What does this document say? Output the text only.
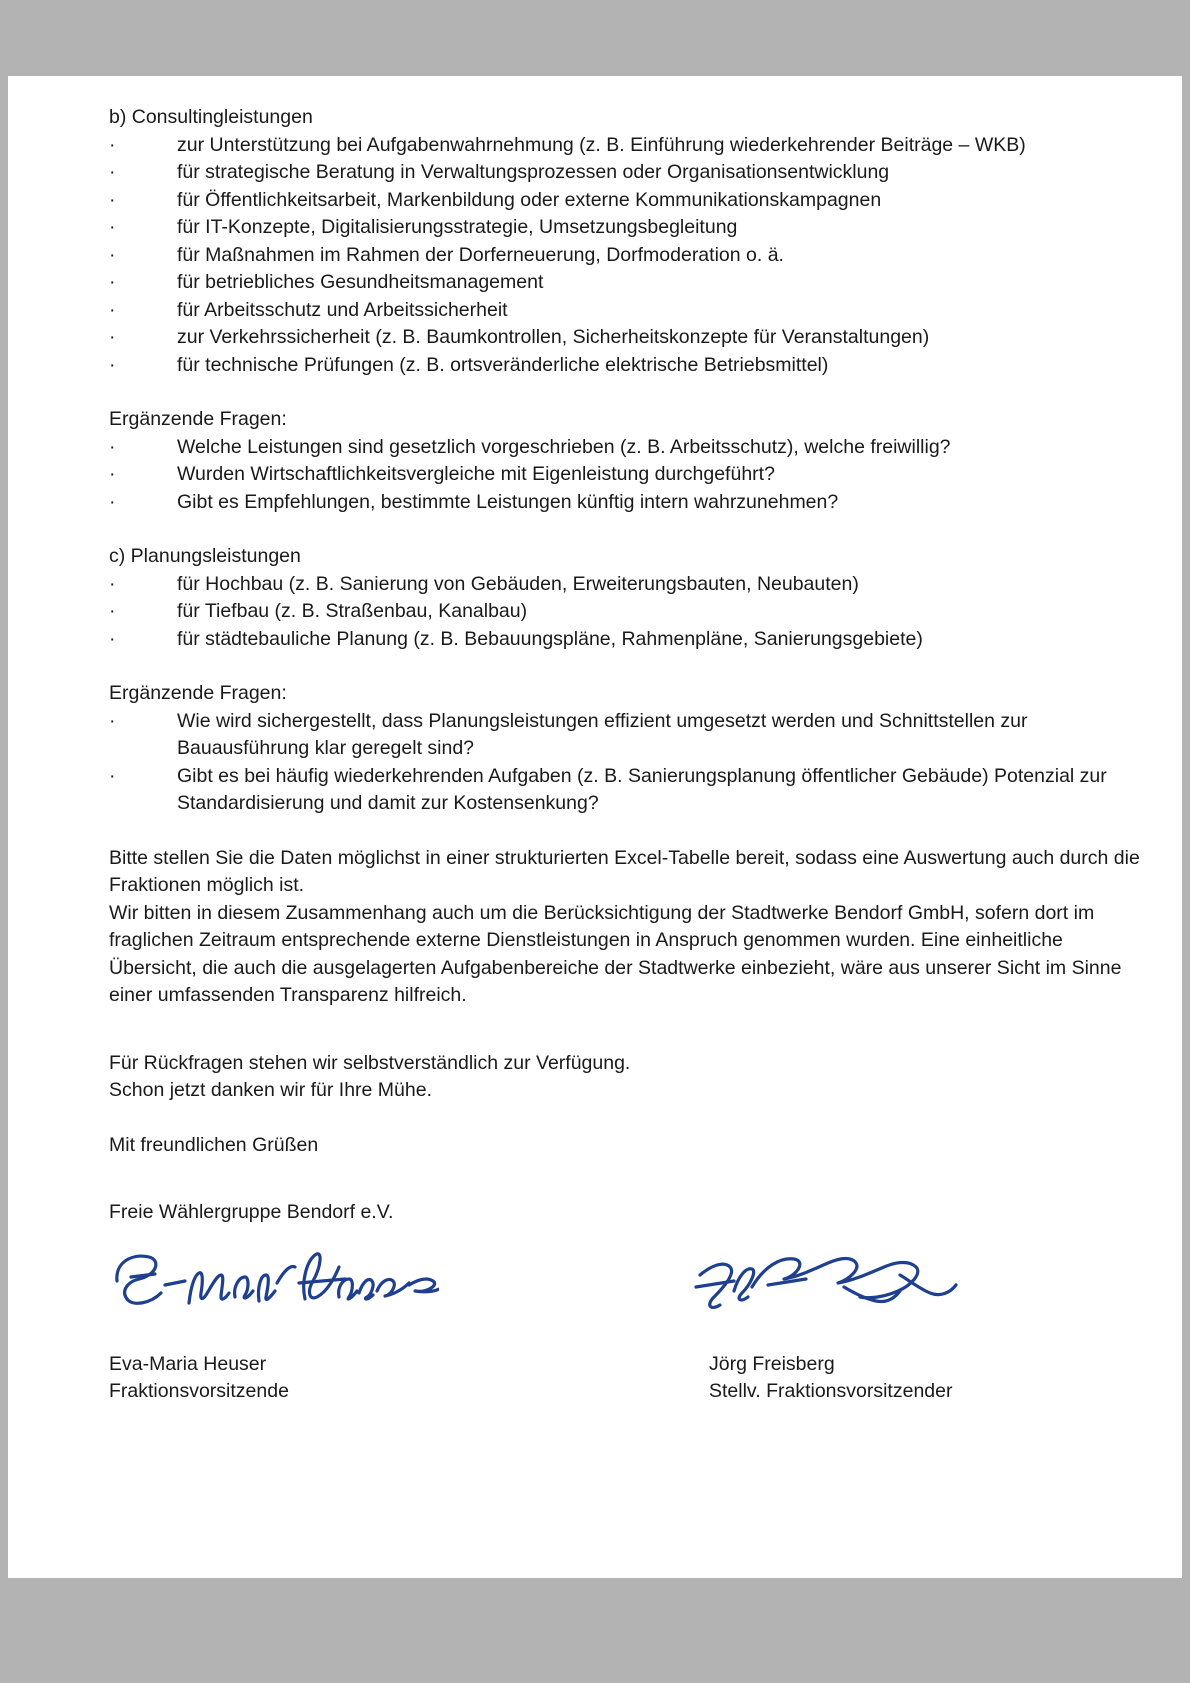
b) Consultingleistungen

·	zur Unterstützung bei Aufgabenwahrnehmung (z. B. Einführung wiederkehrender Beiträge – WKB)
·	für strategische Beratung in Verwaltungsprozessen oder Organisationsentwicklung
·	für Öffentlichkeitsarbeit, Markenbildung oder externe Kommunikationskampagnen
·	für IT-Konzepte, Digitalisierungsstrategie, Umsetzungsbegleitung
·	für Maßnahmen im Rahmen der Dorferneuerung, Dorfmoderation o. ä.
·	für betriebliches Gesundheitsmanagement
·	für Arbeitsschutz und Arbeitssicherheit
·	zur Verkehrssicherheit (z. B. Baumkontrollen, Sicherheitskonzepte für Veranstaltungen)
·	für technische Prüfungen (z. B. ortsveränderliche elektrische Betriebsmittel)

Ergänzende Fragen:

·	Welche Leistungen sind gesetzlich vorgeschrieben (z. B. Arbeitsschutz), welche freiwillig?
·	Wurden Wirtschaftlichkeitsvergleiche mit Eigenleistung durchgeführt?
·	Gibt es Empfehlungen, bestimmte Leistungen künftig intern wahrzunehmen?

c) Planungsleistungen

·	für Hochbau (z. B. Sanierung von Gebäuden, Erweiterungsbauten, Neubauten)
·	für Tiefbau (z. B. Straßenbau, Kanalbau)
·	für städtebauliche Planung (z. B. Bebauungspläne, Rahmenpläne, Sanierungsgebiete)

Ergänzende Fragen:

·	Wie wird sichergestellt, dass Planungsleistungen effizient umgesetzt werden und Schnittstellen zur Bauausführung klar geregelt sind?
·	Gibt es bei häufig wiederkehrenden Aufgaben (z. B. Sanierungsplanung öffentlicher Gebäude) Potenzial zur Standardisierung und damit zur Kostensenkung?

Bitte stellen Sie die Daten möglichst in einer strukturierten Excel-Tabelle bereit, sodass eine Auswertung auch durch die Fraktionen möglich ist.

Wir bitten in diesem Zusammenhang auch um die Berücksichtigung der Stadtwerke Bendorf GmbH, sofern dort im fraglichen Zeitraum entsprechende externe Dienstleistungen in Anspruch genommen wurden. Eine einheitliche Übersicht, die auch die ausgelagerten Aufgabenbereiche der Stadtwerke einbezieht, wäre aus unserer Sicht im Sinne einer umfassenden Transparenz hilfreich.

Für Rückfragen stehen wir selbstverständlich zur Verfügung.

Schon jetzt danken wir für Ihre Mühe.

Mit freundlichen Grüßen

Freie Wählergruppe Bendorf e.V.

Eva-Maria Heuser

Fraktionsvorsitzende

Jörg Freisberg

Stellv. Fraktionsvorsitzender
